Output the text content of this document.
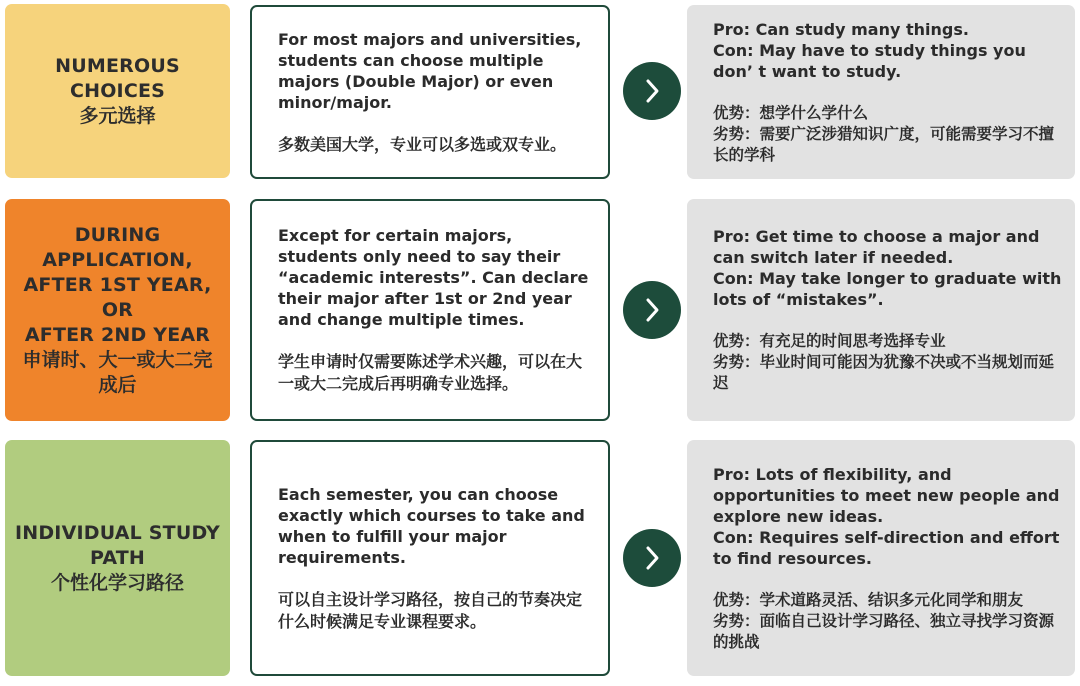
NUMEROUS
CHOICES
多元选择
For most majors and universities, students can choose multiple majors (Double Major) or even minor/major.
多数美国大学，专业可以多选或双专业。
Pro: Can study many things.
Con: May have to study things you don’ t want to study.
优势：想学什么学什么
劣势：需要广泛涉猎知识广度，可能需要学习不擅长的学科
DURING
APPLICATION,
AFTER 1ST YEAR, OR
AFTER 2ND YEAR
申请时、大一或大二完
成后
Except for certain majors, students only need to say their “academic interests”. Can declare their major after 1st or 2nd year and change multiple times.
学生申请时仅需要陈述学术兴趣，可以在大一或大二完成后再明确专业选择。
Pro: Get time to choose a major and can switch later if needed.
Con: May take longer to graduate with lots of “mistakes”.
优势：有充足的时间思考选择专业
劣势：毕业时间可能因为犹豫不决或不当规划而延迟
INDIVIDUAL STUDY
PATH
个性化学习路径
Each semester, you can choose exactly which courses to take and when to fulfill your major requirements.
可以自主设计学习路径，按自己的节奏决定什么时候满足专业课程要求。
Pro: Lots of flexibility, and opportunities to meet new people and explore new ideas.
Con: Requires self-direction and effort to find resources.
优势：学术道路灵活、结识多元化同学和朋友
劣势：面临自己设计学习路径、独立寻找学习资源的挑战
